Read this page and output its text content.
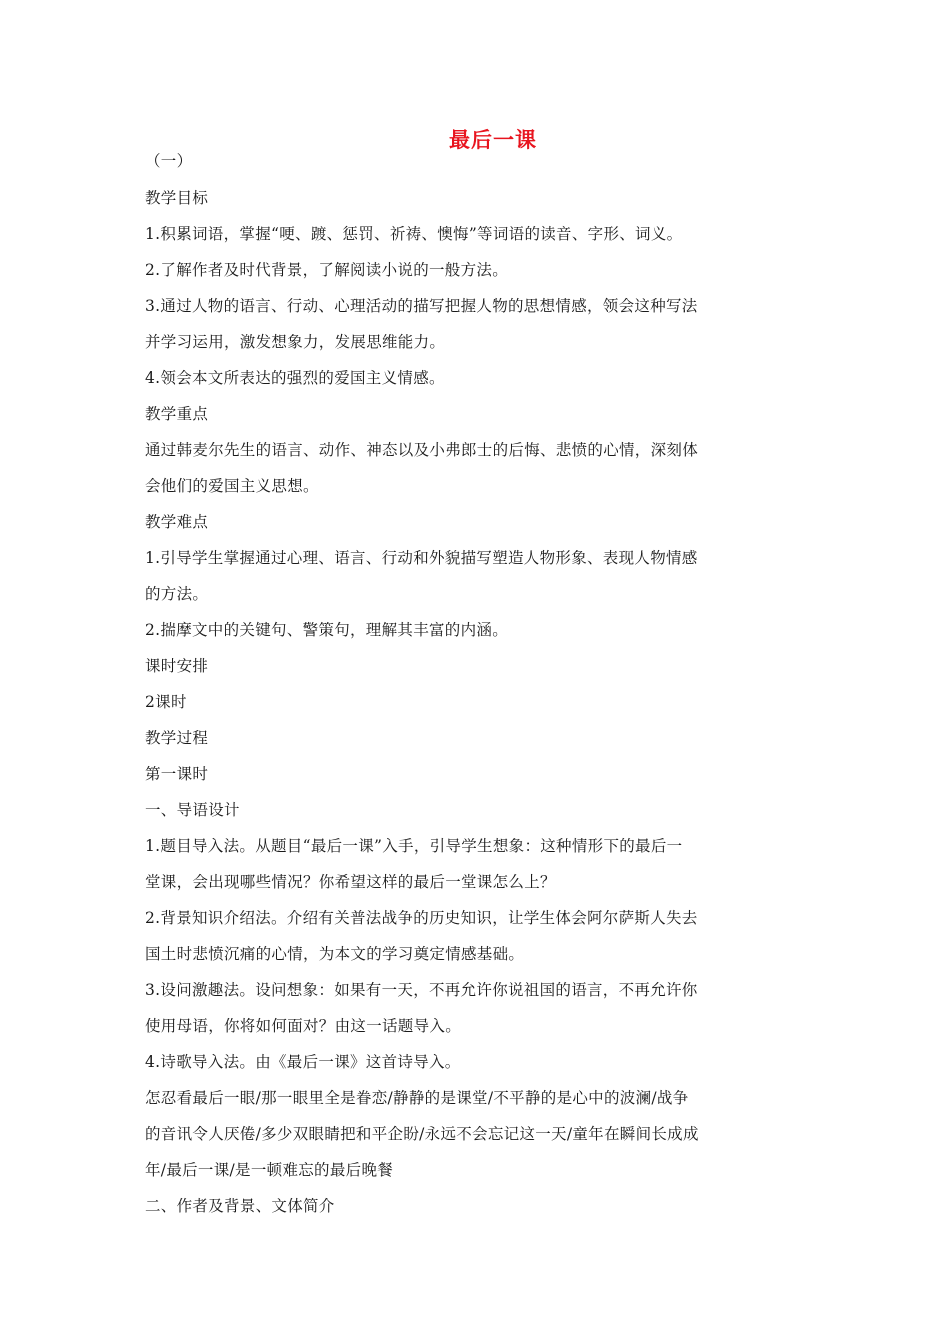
最后一课
（一）
教学目标
1.积累词语，掌握“哽、踱、惩罚、祈祷、懊悔”等词语的读音、字形、词义。
2.了解作者及时代背景，了解阅读小说的一般方法。
3.通过人物的语言、行动、心理活动的描写把握人物的思想情感，领会这种写法
并学习运用，激发想象力，发展思维能力。
4.领会本文所表达的强烈的爱国主义情感。
教学重点
通过韩麦尔先生的语言、动作、神态以及小弗郎士的后悔、悲愤的心情，深刻体
会他们的爱国主义思想。
教学难点
1.引导学生掌握通过心理、语言、行动和外貌描写塑造人物形象、表现人物情感
的方法。
2.揣摩文中的关键句、警策句，理解其丰富的内涵。
课时安排
2课时
教学过程
第一课时
一、导语设计
1.题目导入法。从题目“最后一课”入手，引导学生想象：这种情形下的最后一
堂课，会出现哪些情况？你希望这样的最后一堂课怎么上？
2.背景知识介绍法。介绍有关普法战争的历史知识，让学生体会阿尔萨斯人失去
国土时悲愤沉痛的心情，为本文的学习奠定情感基础。
3.设问激趣法。设问想象：如果有一天，不再允许你说祖国的语言，不再允许你
使用母语，你将如何面对？由这一话题导入。
4.诗歌导入法。由《最后一课》这首诗导入。
怎忍看最后一眼/那一眼里全是眷恋/静静的是课堂/不平静的是心中的波澜/战争
的音讯令人厌倦/多少双眼睛把和平企盼/永远不会忘记这一天/童年在瞬间长成成
年/最后一课/是一顿难忘的最后晚餐
二、作者及背景、文体简介
